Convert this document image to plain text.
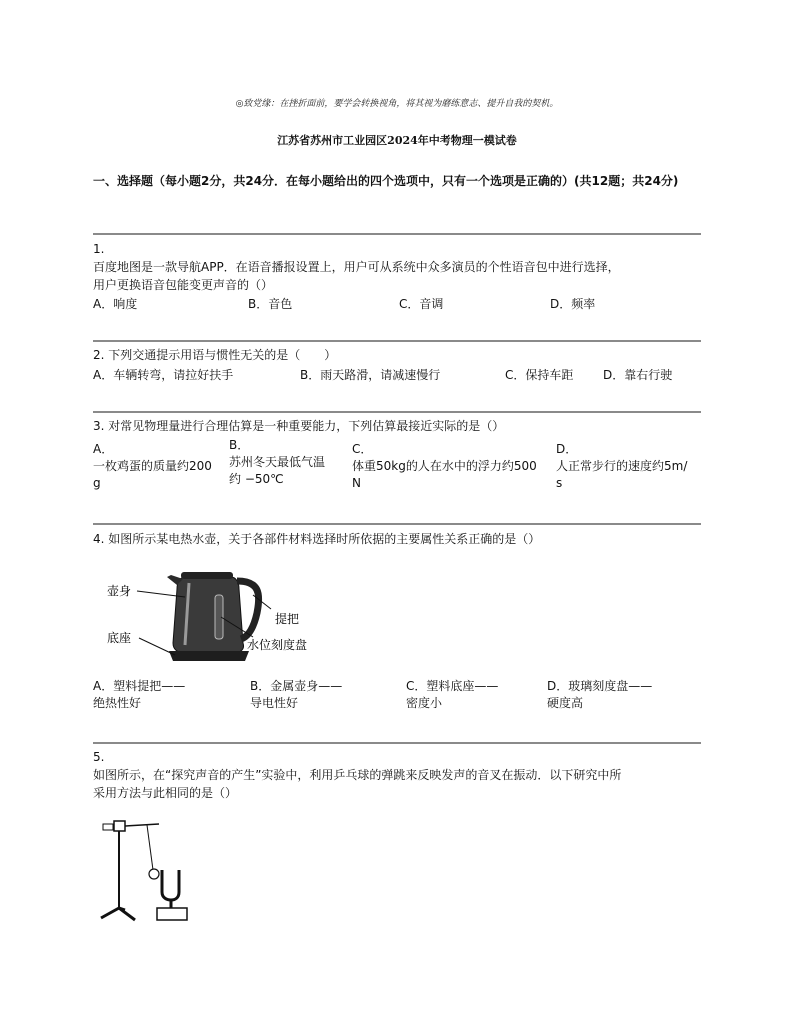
◎致党缘：在挫折面前，要学会转换视角，将其视为磨练意志、提升自我的契机。
江苏省苏州市工业园区2024年中考物理一模试卷
一、选择题（每小题2分，共24分．在每小题给出的四个选项中，只有一个选项是正确的）(共12题；共24分)
1.
百度地图是一款导航APP．在语音播报设置上，用户可从系统中众多演员的个性语音包中进行选择，
用户更换语音包能变更声音的（）
A．响度	B．音色	C．音调	D．频率
2. 下列交通提示用语与惯性无关的是（　　）
A．车辆转弯，请拉好扶手	B．雨天路滑，请减速慢行	C．保持车距 D．靠右行驶
3. 对常见物理量进行合理估算是一种重要能力，下列估算最接近实际的是（）
A．
一枚鸡蛋的质量约200
g
B．
苏州冬天最低气温
约 −50℃
C．
体重50kg的人在水中的浮力约500
N
D．
人正常步行的速度约5m/
s
4. 如图所示某电热水壶，关于各部件材料选择时所依据的主要属性关系正确的是（）
壶身
底座
提把
水位刻度盘
A．塑料提把——
绝热性好
B．金属壶身——
导电性好
C．塑料底座——
密度小
D．玻璃刻度盘——
硬度高
5.
如图所示，在“探究声音的产生”实验中，利用乒乓球的弹跳来反映发声的音叉在振动．以下研究中所
采用方法与此相同的是（）
